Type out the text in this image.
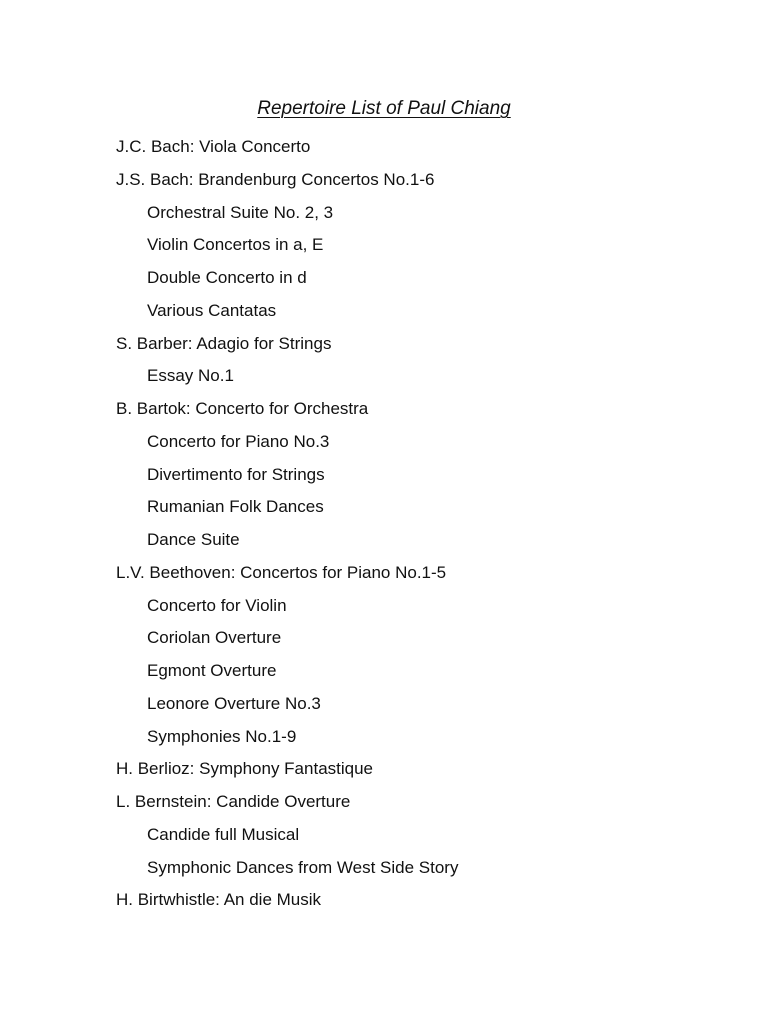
Repertoire List of Paul Chiang
J.C. Bach: Viola Concerto
J.S. Bach: Brandenburg Concertos No.1-6
Orchestral Suite No. 2, 3
Violin Concertos in a, E
Double Concerto in d
Various Cantatas
S. Barber: Adagio for Strings
Essay No.1
B. Bartok: Concerto for Orchestra
Concerto for Piano No.3
Divertimento for Strings
Rumanian Folk Dances
Dance Suite
L.V. Beethoven: Concertos for Piano No.1-5
Concerto for Violin
Coriolan Overture
Egmont Overture
Leonore Overture No.3
Symphonies No.1-9
H. Berlioz: Symphony Fantastique
L. Bernstein: Candide Overture
Candide full Musical
Symphonic Dances from West Side Story
H. Birtwhistle: An die Musik
